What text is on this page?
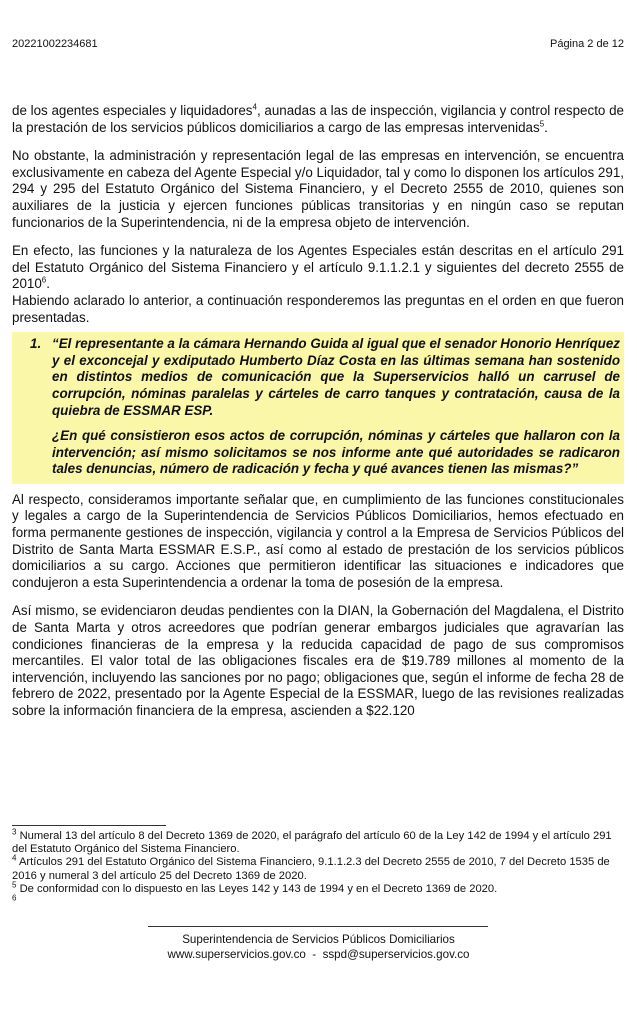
20221002234681	Página 2 de 12

de los agentes especiales y liquidadores$^4$, aunadas a las de inspección, vigilancia y control respecto de la prestación de los servicios públicos domiciliarios a cargo de las empresas intervenidas$^5$.

No obstante, la administración y representación legal de las empresas en intervención, se encuentra exclusivamente en cabeza del Agente Especial y/o Liquidador, tal y como lo disponen los artículos 291, 294 y 295 del Estatuto Orgánico del Sistema Financiero, y el Decreto 2555 de 2010, quienes son auxiliares de la justicia y ejercen funciones públicas transitorias y en ningún caso se reputan funcionarios de la Superintendencia, ni de la empresa objeto de intervención.

En efecto, las funciones y la naturaleza de los Agentes Especiales están descritas en el artículo 291 del Estatuto Orgánico del Sistema Financiero y el artículo 9.1.1.2.1 y siguientes del decreto 2555 de 2010$^6$.

Habiendo aclarado lo anterior, a continuación responderemos las preguntas en el orden en que fueron presentadas.

1. “El representante a la cámara Hernando Guida al igual que el senador Honorio Henríquez y el exconcejal y exdiputado Humberto Díaz Costa en las últimas semana han sostenido en distintos medios de comunicación que la Superservicios halló un carrusel de corrupción, nóminas paralelas y cárteles de carro tanques y contratación, causa de la quiebra de ESSMAR ESP.
¿En qué consistieron esos actos de corrupción, nóminas y cárteles que hallaron con la intervención; así mismo solicitamos se nos informe ante qué autoridades se radicaron tales denuncias, número de radicación y fecha y qué avances tienen las mismas?”

Al respecto, consideramos importante señalar que, en cumplimiento de las funciones constitucionales y legales a cargo de la Superintendencia de Servicios Públicos Domiciliarios, hemos efectuado en forma permanente gestiones de inspección, vigilancia y control a la Empresa de Servicios Públicos del Distrito de Santa Marta ESSMAR E.S.P., así como al estado de prestación de los servicios públicos domiciliarios a su cargo. Acciones que permitieron identificar las situaciones e indicadores que condujeron a esta Superintendencia a ordenar la toma de posesión de la empresa.

Así mismo, se evidenciaron deudas pendientes con la DIAN, la Gobernación del Magdalena, el Distrito de Santa Marta y otros acreedores que podrían generar embargos judiciales que agravarían las condiciones financieras de la empresa y la reducida capacidad de pago de sus compromisos mercantiles. El valor total de las obligaciones fiscales era de $19.789 millones al momento de la intervención, incluyendo las sanciones por no pago; obligaciones que, según el informe de fecha 28 de febrero de 2022, presentado por la Agente Especial de la ESSMAR, luego de las revisiones realizadas sobre la información financiera de la empresa, ascienden a $22.120

$^3$ Numeral 13 del artículo 8 del Decreto 1369 de 2020, el parágrafo del artículo 60 de la Ley 142 de 1994 y el artículo 291 del Estatuto Orgánico del Sistema Financiero.

$^4$ Artículos 291 del Estatuto Orgánico del Sistema Financiero, 9.1.1.2.3 del Decreto 2555 de 2010, 7 del Decreto 1535 de 2016 y numeral 3 del artículo 25 del Decreto 1369 de 2020.

$^5$ De conformidad con lo dispuesto en las Leyes 142 y 143 de 1994 y en el Decreto 1369 de 2020.

$^6$

Superintendencia de Servicios Públicos Domiciliarios
www.superservicios.gov.co  -  sspd@superservicios.gov.co
